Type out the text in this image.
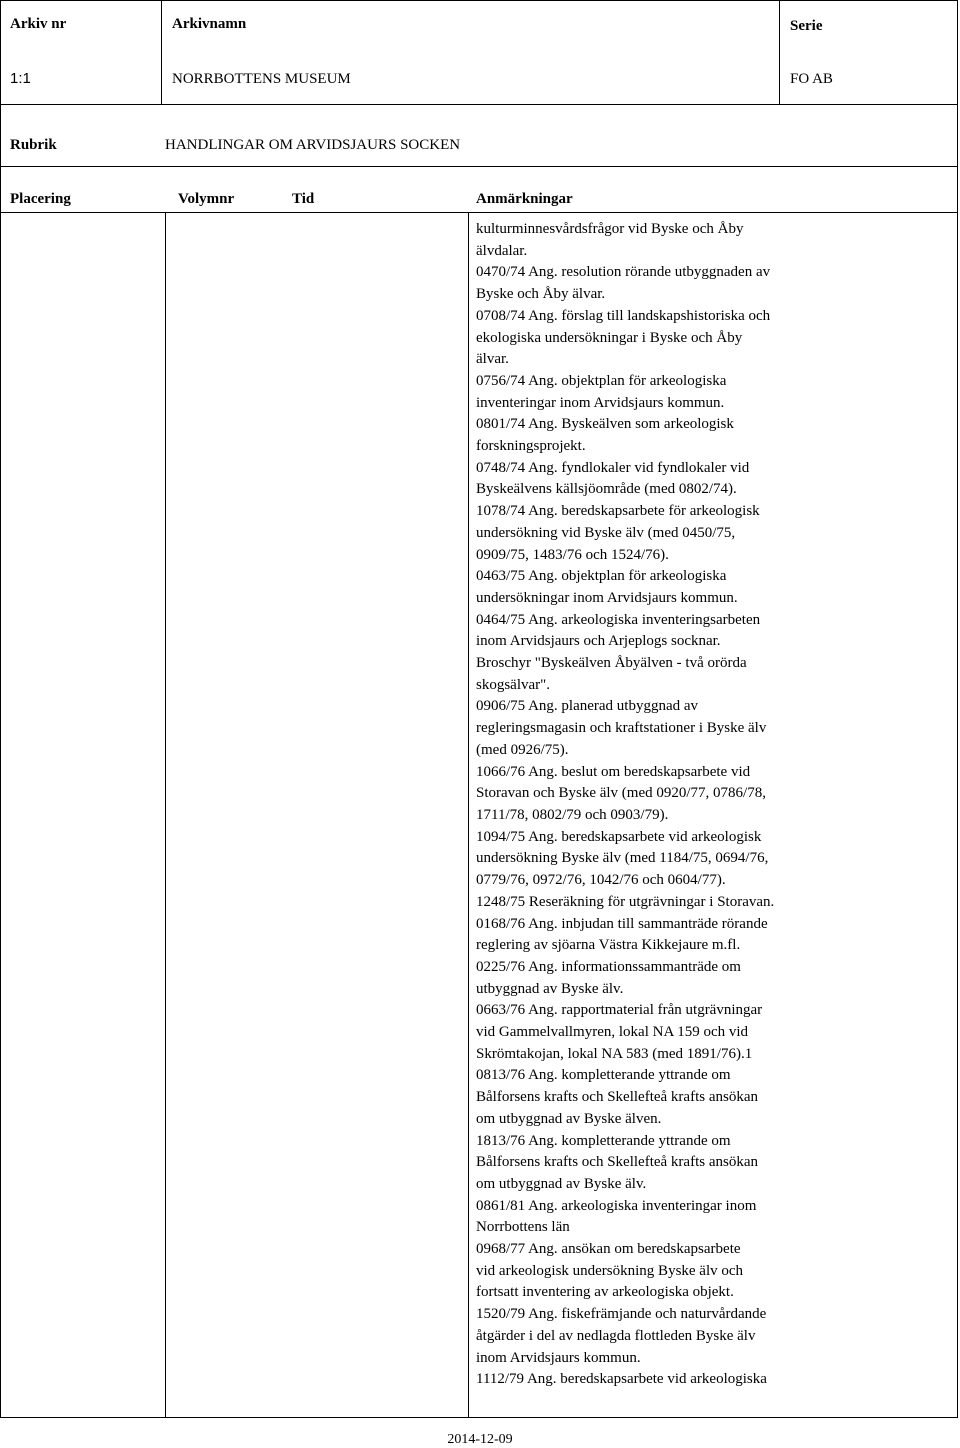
Arkiv nr	Arkivnamn	Serie
1:1	NORRBOTTENS MUSEUM	FO AB
Rubrik	HANDLINGAR OM ARVIDSJAURS SOCKEN
Placering	Volymnr	Tid	Anmärkningar
kulturminnesvårdsfrågor vid Byske och Åby
älvdalar.
0470/74 Ang. resolution rörande utbyggnaden av
Byske och Åby älvar.
0708/74 Ang. förslag till landskapshistoriska och
ekologiska undersökningar i Byske och Åby
älvar.
0756/74 Ang. objektplan för arkeologiska
inventeringar inom Arvidsjaurs kommun.
0801/74 Ang. Byskeälven som arkeologisk
forskningsprojekt.
0748/74 Ang. fyndlokaler vid fyndlokaler vid
Byskeälvens källsjöområde (med 0802/74).
1078/74 Ang. beredskapsarbete för arkeologisk
undersökning vid Byske älv (med 0450/75,
0909/75, 1483/76 och 1524/76).
0463/75 Ang. objektplan för arkeologiska
undersökningar inom Arvidsjaurs kommun.
0464/75 Ang. arkeologiska inventeringsarbeten
inom Arvidsjaurs och Arjeplogs socknar.
Broschyr "Byskeälven Åbyälven - två orörda
skogsälvar".
0906/75 Ang. planerad utbyggnad av
regleringsmagasin och kraftstationer i Byske älv
(med 0926/75).
1066/76 Ang. beslut om beredskapsarbete vid
Storavan och Byske älv (med 0920/77, 0786/78,
1711/78, 0802/79 och 0903/79).
1094/75 Ang. beredskapsarbete vid arkeologisk
undersökning Byske älv (med 1184/75, 0694/76,
0779/76, 0972/76, 1042/76 och 0604/77).
1248/75 Reseräkning för utgrävningar i Storavan.
0168/76 Ang. inbjudan till sammanträde rörande
reglering av sjöarna Västra Kikkejaure m.fl.
0225/76 Ang. informationssammanträde om
utbyggnad av Byske älv.
0663/76 Ang. rapportmaterial från utgrävningar
vid Gammelvallmyren, lokal NA 159 och vid
Skrömtakojan, lokal NA 583 (med 1891/76).1
0813/76 Ang. kompletterande yttrande om
Bålforsens krafts och Skellefteå krafts ansökan
om utbyggnad av Byske älven.
1813/76 Ang. kompletterande yttrande om
Bålforsens krafts och Skellefteå krafts ansökan
om utbyggnad av Byske älv.
0861/81 Ang. arkeologiska inventeringar inom
Norrbottens län
0968/77 Ang. ansökan om beredskapsarbete
vid arkeologisk undersökning Byske älv och
fortsatt inventering av arkeologiska objekt.
1520/79 Ang. fiskefrämjande och naturvårdande
åtgärder i del av nedlagda flottleden Byske älv
inom Arvidsjaurs kommun.
1112/79 Ang. beredskapsarbete vid arkeologiska
2014-12-09
